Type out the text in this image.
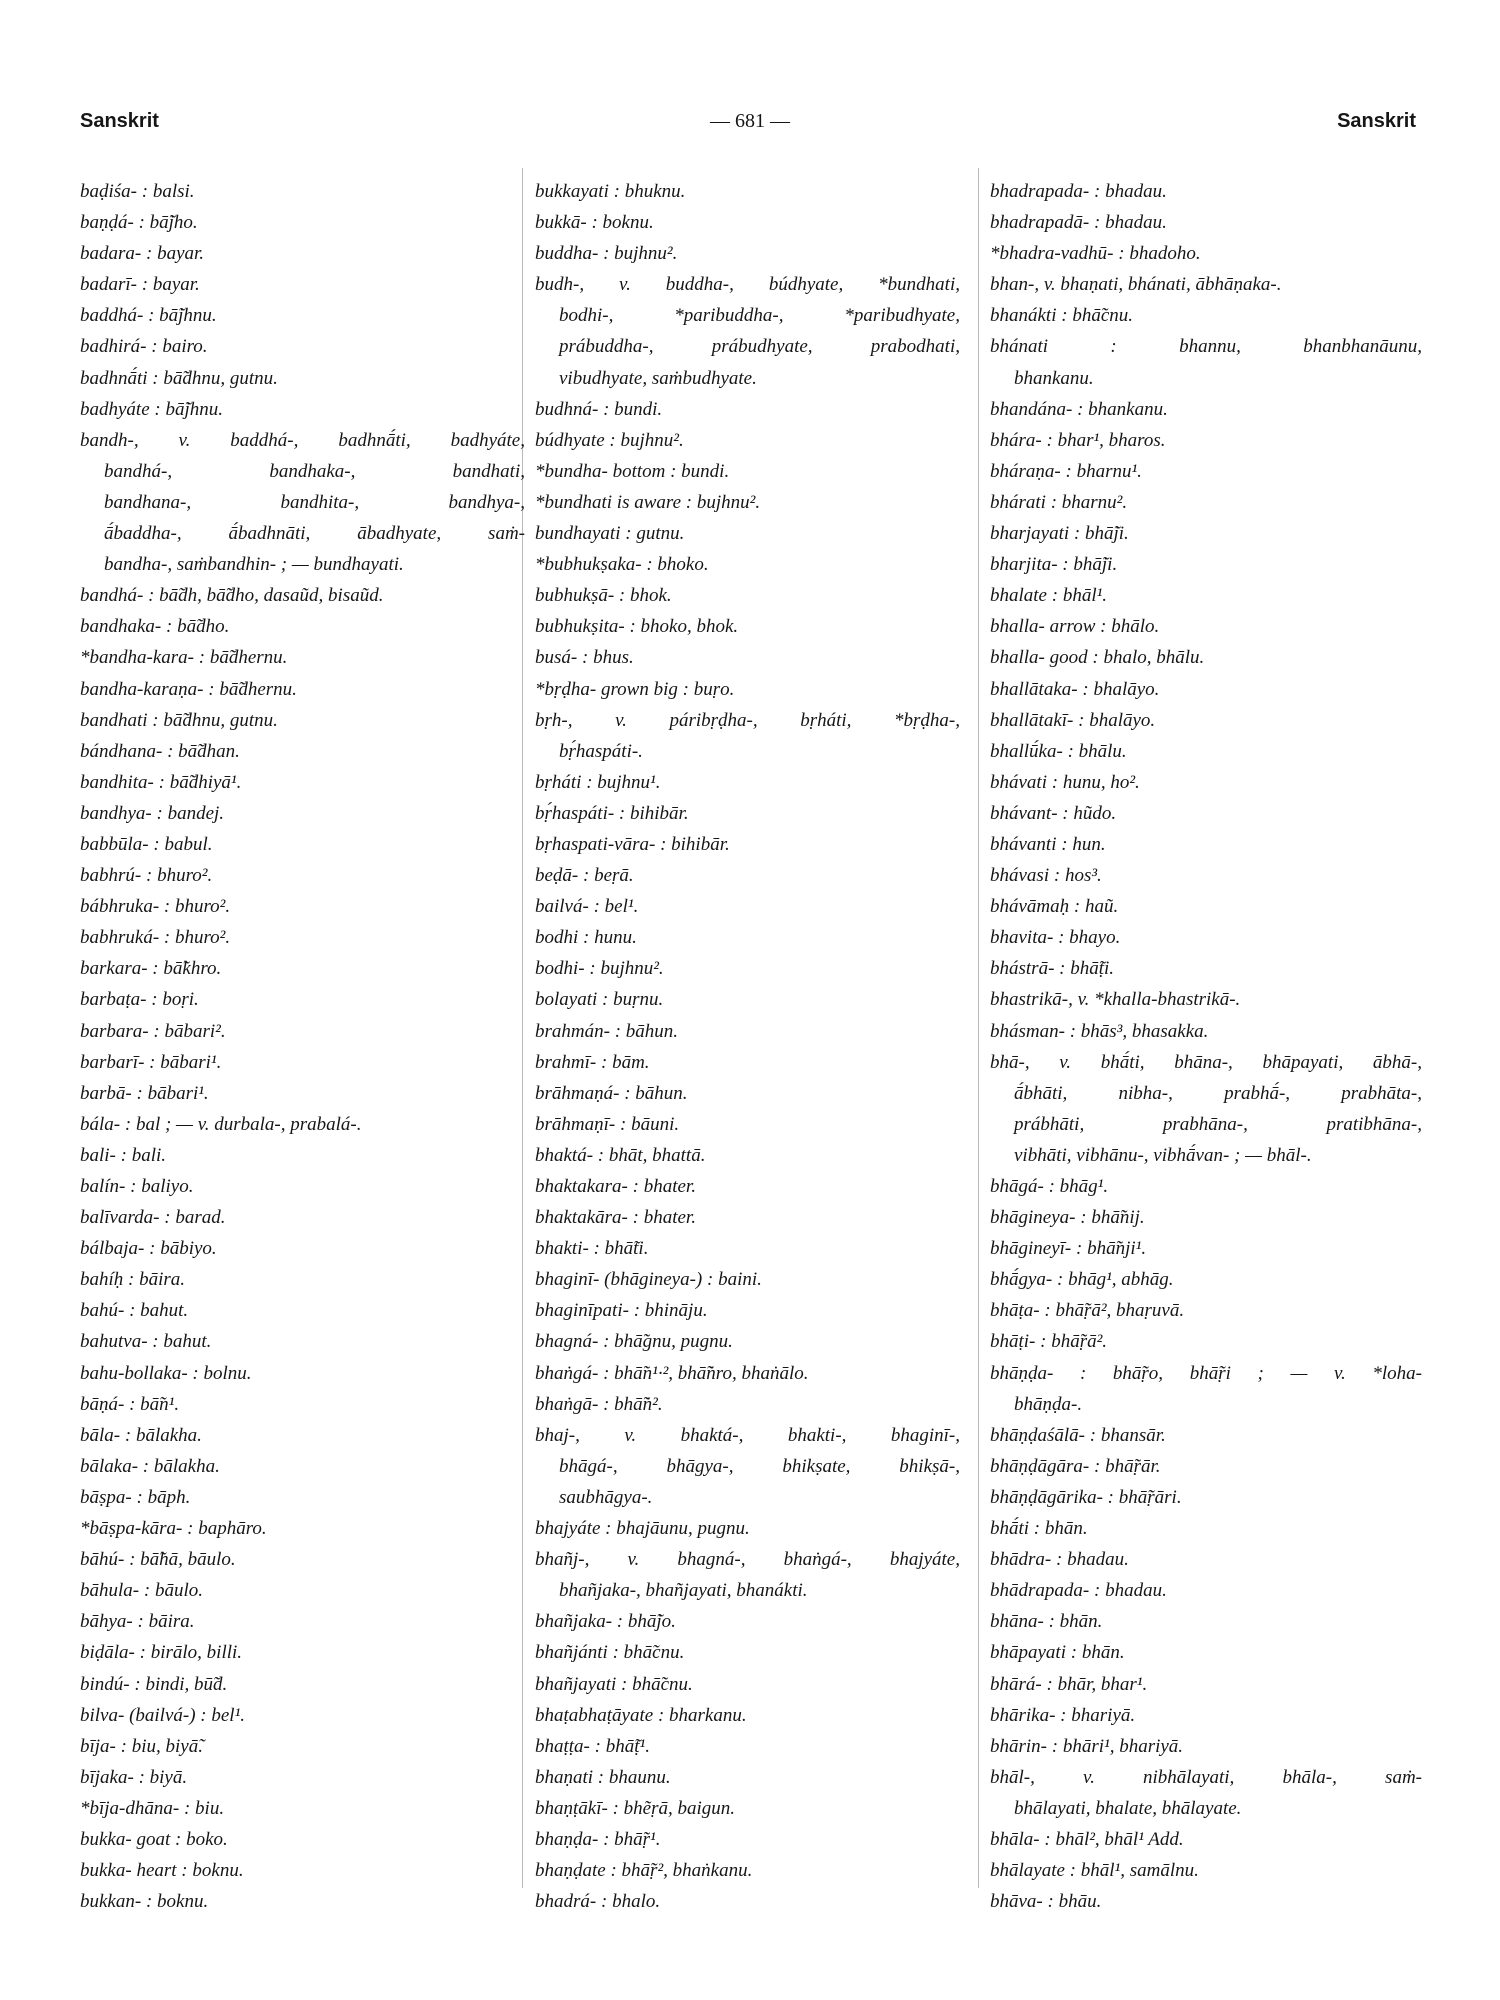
Sanskrit	— 681 —	Sanskrit
baḍiśa- : balsi.
baṇḍá- : bā̃jho.
badara- : bayar.
badarī- : bayar.
baddhá- : bā̃jhnu.
badhirá- : bairo.
badhnā́ti : bā̃dhnu, gutnu.
badhyáte : bā̃jhnu.
bandh-, v. baddhá-, badhnā́ti, badhyáte,
bandhá-, bandhaka-, bandhati,
bandhana-, bandhita-, bandhya-,
ā́baddha-, ā́badhnāti, ābadhyate, saṁ-
bandha-, saṁbandhin- ; — bundhayati.
bandhá- : bā̃dh, bā̃dho, dasaũd, bisaũd.
bandhaka- : bā̃dho.
*bandha-kara- : bā̃dhernu.
bandha-karaṇa- : bā̃dhernu.
bandhati : bā̃dhnu, gutnu.
bándhana- : bā̃dhan.
bandhita- : bā̃dhiyā¹.
bandhya- : bandej.
babbūla- : babul.
babhrú- : bhuro².
bábhruka- : bhuro².
babhruká- : bhuro².
barkara- : bā̃khro.
barbaṭa- : boṛi.
barbara- : bābari².
barbarī- : bābari¹.
barbā- : bābari¹.
bála- : bal ; — v. durbala-, prabalá-.
bali- : bali.
balín- : baliyo.
balīvarda- : barad.
bálbaja- : bābiyo.
bahíḥ : bāira.
bahú- : bahut.
bahutva- : bahut.
bahu-bollaka- : bolnu.
bāṇá- : bā̃n¹.
bāla- : bālakha.
bālaka- : bālakha.
bāṣpa- : bāph.
*bāṣpa-kāra- : baphāro.
bāhú- : bā̃hā, bāulo.
bāhula- : bāulo.
bāhya- : bāira.
biḍāla- : birālo, billi.
bindú- : bindi, bū̃d.
bilva- (bailvá-) : bel¹.
bīja- : biu, biyā̃.
bījaka- : biyā.
*bīja-dhāna- : biu.
bukka- goat : boko.
bukka- heart : boknu.
bukkan- : boknu.
bukkayati : bhuknu.
bukkā- : boknu.
buddha- : bujhnu².
budh-, v. buddha-, búdhyate, *bundhati,
bodhi-, *paribuddha-, *paribudhyate,
prábuddha-, prábudhyate, prabodhati,
vibudhyate, saṁbudhyate.
budhná- : bundi.
búdhyate : bujhnu².
*bundha- bottom : bundi.
*bundhati is aware : bujhnu².
bundhayati : gutnu.
*bubhukṣaka- : bhoko.
bubhukṣā- : bhok.
bubhukṣita- : bhoko, bhok.
busá- : bhus.
*bṛḍha- grown big : buṛo.
bṛh-, v. páribṛḍha-, bṛháti, *bṛḍha-,
bṛ́haspáti-.
bṛháti : bujhnu¹.
bṛ́haspáti- : bihibār.
bṛhaspati-vāra- : bihibār.
beḍā- : beṛā.
bailvá- : bel¹.
bodhi : hunu.
bodhi- : bujhnu².
bolayati : buṛnu.
brahmán- : bāhun.
brahmī- : bām.
brāhmaṇá- : bāhun.
brāhmaṇī- : bāuni.
bhaktá- : bhāt, bhattā.
bhaktakara- : bhater.
bhaktakāra- : bhater.
bhakti- : bhā̃ti.
bhaginī- (bhāgineya-) : baini.
bhaginīpati- : bhināju.
bhagná- : bhā̃gnu, pugnu.
bhaṅgá- : bhā̃n¹·², bhā̃ṅro, bhaṅālo.
bhaṅgā- : bhā̃ṅ².
bhaj-, v. bhaktá-, bhakti-, bhaginī-,
bhāgá-, bhāgya-, bhikṣate, bhikṣā-,
saubhāgya-.
bhajyáte : bhajāunu, pugnu.
bhañj-, v. bhagná-, bhaṅgá-, bhajyáte,
bhañjaka-, bhañjayati, bhanákti.
bhañjaka- : bhā̃jo.
bhañjánti : bhā̃cnu.
bhañjayati : bhā̃cnu.
bhaṭabhaṭāyate : bharkanu.
bhaṭṭa- : bhā̃ṭ¹.
bhaṇati : bhaunu.
bhaṇṭākī- : bhẽṛā, baigun.
bhaṇḍa- : bhā̃ṛ¹.
bhaṇḍate : bhā̃ṛ², bhaṅkanu.
bhadrá- : bhalo.
bhadrapada- : bhadau.
bhadrapadā- : bhadau.
*bhadra-vadhū- : bhadoho.
bhan-, v. bhaṇati, bhánati, ābhāṇaka-.
bhanákti : bhā̃cnu.
bhánati : bhannu, bhanbhanāunu,
bhankanu.
bhandána- : bhankanu.
bhára- : bhar¹, bharos.
bháraṇa- : bharnu¹.
bhárati : bharnu².
bharjayati : bhā̃ji.
bharjita- : bhā̃ji.
bhalate : bhāl¹.
bhalla- arrow : bhālo.
bhalla- good : bhalo, bhālu.
bhallātaka- : bhalāyo.
bhallātakī- : bhalāyo.
bhallū́ka- : bhālu.
bhávati : hunu, ho².
bhávant- : hũdo.
bhávanti : hun.
bhávasi : hos³.
bhávāmaḥ : haũ.
bhavita- : bhayo.
bhástrā- : bhā̃ṭi.
bhastrikā-, v. *khalla-bhastrikā-.
bhásman- : bhās³, bhasakka.
bhā-, v. bhā́ti, bhāna-, bhāpayati, ābhā-,
ā́bhāti, nibha-, prabhā́-, prabhāta-,
prábhāti, prabhāna-, pratibhāna-,
vibhāti, vibhānu-, vibhā́van- ; — bhāl-.
bhāgá- : bhāg¹.
bhāgineya- : bhā̃nij.
bhāgineyī- : bhā̃nji¹.
bhā́gya- : bhāg¹, abhāg.
bhāṭa- : bhā̃ṛā², bhaṛuvā.
bhāṭi- : bhā̃ṛā².
bhāṇḍa- : bhā̃ṛo, bhā̃ṛi ; — v. *loha-
bhāṇḍa-.
bhāṇḍaśālā- : bhansār.
bhāṇḍāgāra- : bhā̃ṛār.
bhāṇḍāgārika- : bhā̃ṛāri.
bhā́ti : bhān.
bhādra- : bhadau.
bhādrapada- : bhadau.
bhāna- : bhān.
bhāpayati : bhān.
bhārá- : bhār, bhar¹.
bhārika- : bhariyā.
bhārin- : bhāri¹, bhariyā.
bhāl-, v. nibhālayati, bhāla-, saṁ-
bhālayati, bhalate, bhālayate.
bhāla- : bhāl², bhāl¹ Add.
bhālayate : bhāl¹, samālnu.
bhāva- : bhāu.
